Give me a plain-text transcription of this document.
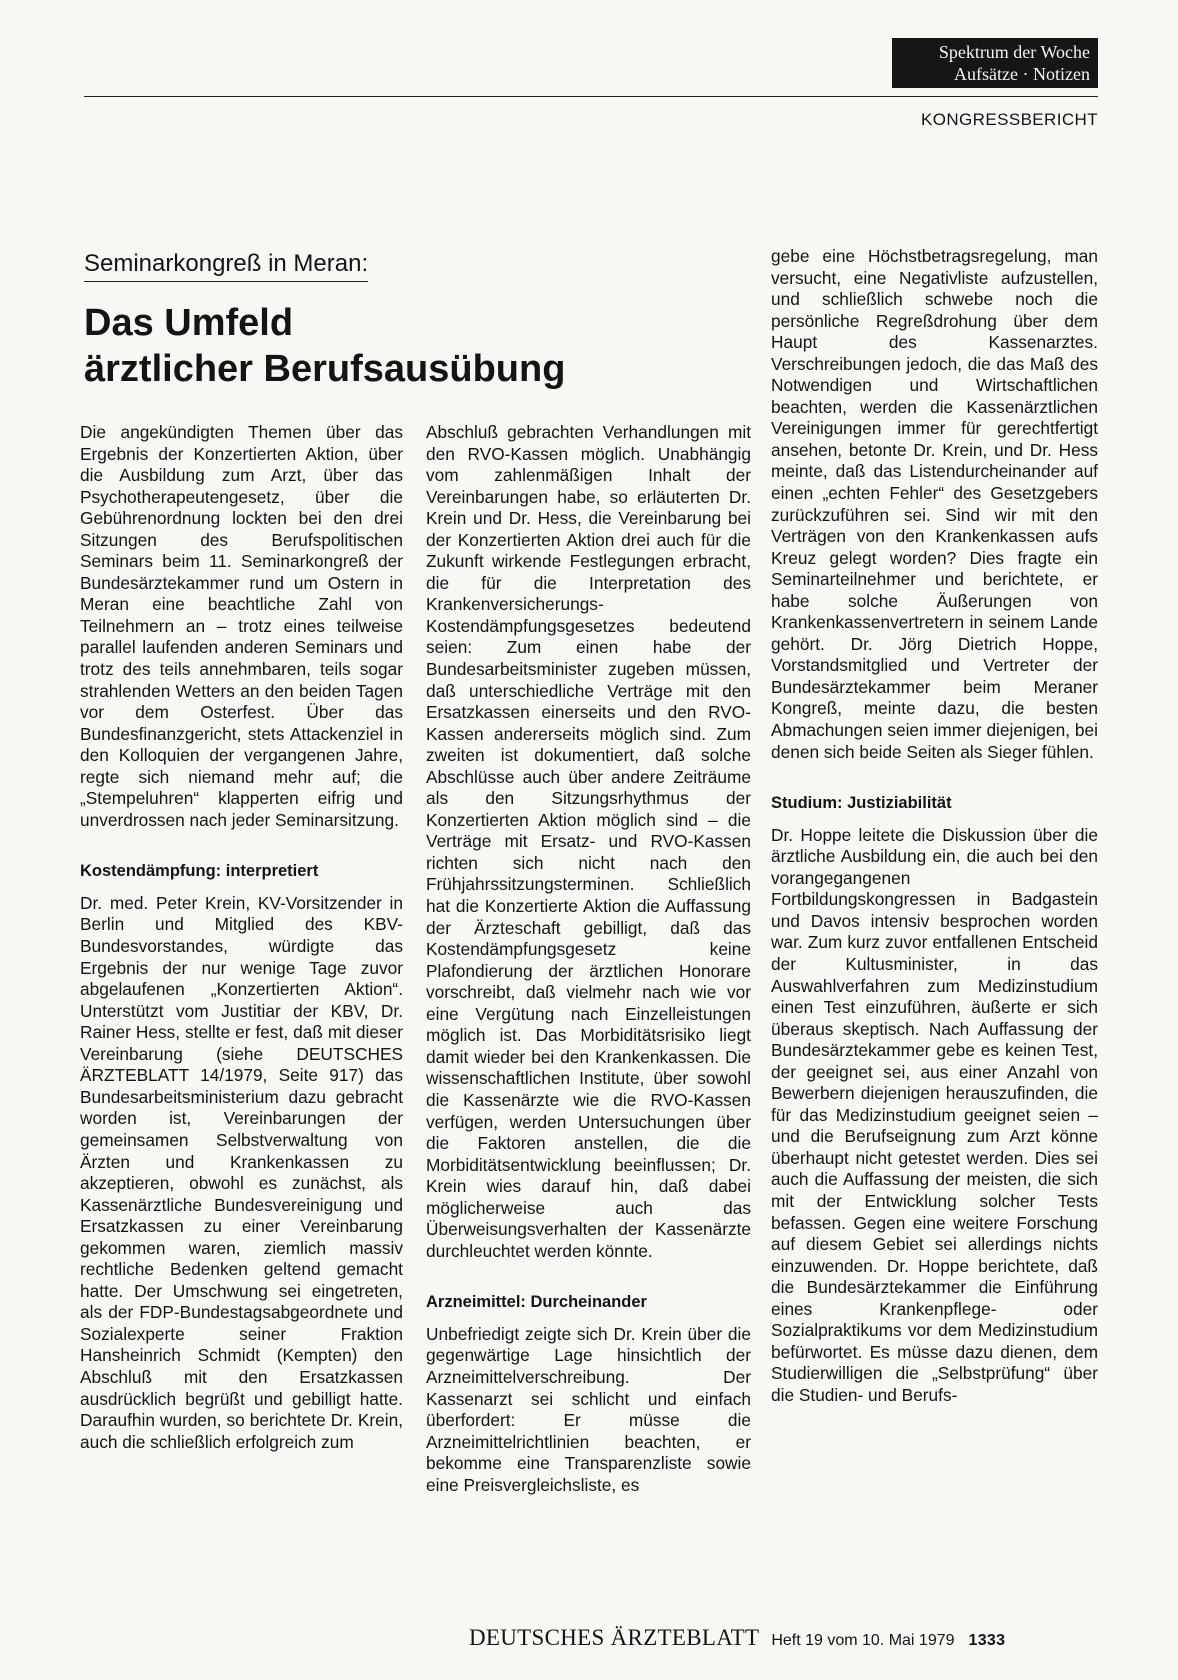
Spektrum der Woche
Aufsätze · Notizen
KONGRESSBERICHT
Seminarkongreß in Meran:
Das Umfeld
ärztlicher Berufsausübung

Die angekündigten Themen über das Ergebnis der Konzertierten Aktion, über die Ausbildung zum Arzt, über das Psychotherapeutengesetz, über die Gebührenordnung lockten bei den drei Sitzungen des Berufspolitischen Seminars beim 11. Seminarkongreß der Bundesärztekammer rund um Ostern in Meran eine beachtliche Zahl von Teilnehmern an – trotz eines teilweise parallel laufenden anderen Seminars und trotz des teils annehmbaren, teils sogar strahlenden Wetters an den beiden Tagen vor dem Osterfest. Über das Bundesfinanzgericht, stets Attackenziel in den Kolloquien der vergangenen Jahre, regte sich niemand mehr auf; die „Stempeluhren“ klapperten eifrig und unverdrossen nach jeder Seminarsitzung.

Kostendämpfung: interpretiert

Dr. med. Peter Krein, KV-Vorsitzender in Berlin und Mitglied des KBV-Bundesvorstandes, würdigte das Ergebnis der nur wenige Tage zuvor abgelaufenen „Konzertierten Aktion“. Unterstützt vom Justitiar der KBV, Dr. Rainer Hess, stellte er fest, daß mit dieser Vereinbarung (siehe DEUTSCHES ÄRZTEBLATT 14/1979, Seite 917) das Bundesarbeitsministerium dazu gebracht worden ist, Vereinbarungen der gemeinsamen Selbstverwaltung von Ärzten und Krankenkassen zu akzeptieren, obwohl es zunächst, als Kassenärztliche Bundesvereinigung und Ersatzkassen zu einer Vereinbarung gekommen waren, ziemlich massiv rechtliche Bedenken geltend gemacht hatte. Der Umschwung sei eingetreten, als der FDP-Bundestagsabgeordnete und Sozialexperte seiner Fraktion Hansheinrich Schmidt (Kempten) den Abschluß mit den Ersatzkassen ausdrücklich begrüßt und gebilligt hatte. Daraufhin wurden, so berichtete Dr. Krein, auch die schließlich erfolgreich zum

Abschluß gebrachten Verhandlungen mit den RVO-Kassen möglich. Unabhängig vom zahlenmäßigen Inhalt der Vereinbarungen habe, so erläuterten Dr. Krein und Dr. Hess, die Vereinbarung bei der Konzertierten Aktion drei auch für die Zukunft wirkende Festlegungen erbracht, die für die Interpretation des Krankenversicherungs-Kostendämpfungsgesetzes bedeutend seien: Zum einen habe der Bundesarbeitsminister zugeben müssen, daß unterschiedliche Verträge mit den Ersatzkassen einerseits und den RVO-Kassen andererseits möglich sind. Zum zweiten ist dokumentiert, daß solche Abschlüsse auch über andere Zeiträume als den Sitzungsrhythmus der Konzertierten Aktion möglich sind – die Verträge mit Ersatz- und RVO-Kassen richten sich nicht nach den Frühjahrssitzungsterminen. Schließlich hat die Konzertierte Aktion die Auffassung der Ärzteschaft gebilligt, daß das Kostendämpfungsgesetz keine Plafondierung der ärztlichen Honorare vorschreibt, daß vielmehr nach wie vor eine Vergütung nach Einzelleistungen möglich ist. Das Morbiditätsrisiko liegt damit wieder bei den Krankenkassen. Die wissenschaftlichen Institute, über sowohl die Kassenärzte wie die RVO-Kassen verfügen, werden Untersuchungen über die Faktoren anstellen, die die Morbiditätsentwicklung beeinflussen; Dr. Krein wies darauf hin, daß dabei möglicherweise auch das Überweisungsverhalten der Kassenärzte durchleuchtet werden könnte.

Arzneimittel: Durcheinander

Unbefriedigt zeigte sich Dr. Krein über die gegenwärtige Lage hinsichtlich der Arzneimittelverschreibung. Der Kassenarzt sei schlicht und einfach überfordert: Er müsse die Arzneimittelrichtlinien beachten, er bekomme eine Transparenzliste sowie eine Preisvergleichsliste, es

gebe eine Höchstbetragsregelung, man versucht, eine Negativliste aufzustellen, und schließlich schwebe noch die persönliche Regreßdrohung über dem Haupt des Kassenarztes. Verschreibungen jedoch, die das Maß des Notwendigen und Wirtschaftlichen beachten, werden die Kassenärztlichen Vereinigungen immer für gerechtfertigt ansehen, betonte Dr. Krein, und Dr. Hess meinte, daß das Listendurcheinander auf einen „echten Fehler“ des Gesetzgebers zurückzuführen sei. Sind wir mit den Verträgen von den Krankenkassen aufs Kreuz gelegt worden? Dies fragte ein Seminarteilnehmer und berichtete, er habe solche Äußerungen von Krankenkassenvertretern in seinem Lande gehört. Dr. Jörg Dietrich Hoppe, Vorstandsmitglied und Vertreter der Bundesärztekammer beim Meraner Kongreß, meinte dazu, die besten Abmachungen seien immer diejenigen, bei denen sich beide Seiten als Sieger fühlen.

Studium: Justiziabilität

Dr. Hoppe leitete die Diskussion über die ärztliche Ausbildung ein, die auch bei den vorangegangenen Fortbildungskongressen in Badgastein und Davos intensiv besprochen worden war. Zum kurz zuvor entfallenen Entscheid der Kultusminister, in das Auswahlverfahren zum Medizinstudium einen Test einzuführen, äußerte er sich überaus skeptisch. Nach Auffassung der Bundesärztekammer gebe es keinen Test, der geeignet sei, aus einer Anzahl von Bewerbern diejenigen herauszufinden, die für das Medizinstudium geeignet seien – und die Berufseignung zum Arzt könne überhaupt nicht getestet werden. Dies sei auch die Auffassung der meisten, die sich mit der Entwicklung solcher Tests befassen. Gegen eine weitere Forschung auf diesem Gebiet sei allerdings nichts einzuwenden. Dr. Hoppe berichtete, daß die Bundesärztekammer die Einführung eines Krankenpflege- oder Sozialpraktikums vor dem Medizinstudium befürwortet. Es müsse dazu dienen, dem Studierwilligen die „Selbstprüfung“ über die Studien- und Berufs-

DEUTSCHES ÄRZTEBLATT Heft 19 vom 10. Mai 1979 1333
